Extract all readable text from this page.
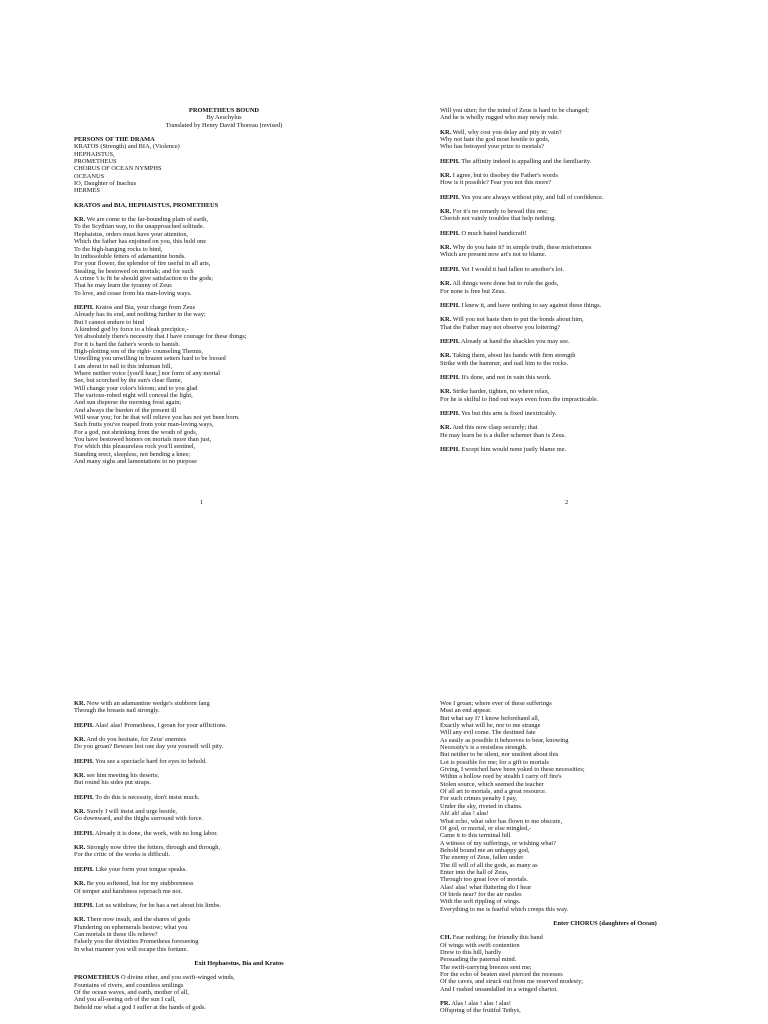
PROMETHEUS BOUND
By Aeschylus
Translated by Henry David Thoreau (revised)
PERSONS OF THE DRAMA
KRATOS (Strength) and BIA, (Violence)
HEPHAISTUS,
PROMETHEUS
CHORUS OF OCEAN NYMPHS
OCEANUS
IO, Daughter of Inachus
HERMES
KRATOS and BIA, HEPHAISTUS, PROMETHEUS
KR. We are come to the far-bounding plain of earth,
To the Scythian way, to the unapproached solitude.
Hephaistus, orders must have your attention,
Which the father has enjoined on you, this bold one
To the high-hanging rocks to bind,
In indissoluble fetters of adamantine bonds.
For your flower, the splendor of fire useful in all arts,
Stealing, he bestowed on mortals; and for such
A crime 't is fit he should give satisfaction to the gods;
That he may learn the tyranny of Zeus
To love, and cease from his man-loving ways.
HEPH. Kratos and Bia, your charge from Zeus
Already has its end, and nothing further in the way;
But I cannot endure to bind
A kindred god by force to a bleak precipice,-
Yet absolutely there's necessity that I have courage for these things;
For it is hard the father's words to banish.
High-plotting son of the right- counseling Themis,
Unwilling you unwilling in brazen setters hard to be loosed
I am about to nail to this inhuman hill,
Where neither voice [you'll hear,] nor form of any mortal
See, but scorched by the sun's clear flame,
Will change your color's bloom; and to you glad
The various-robed night will conceal the light,
And sun disperse the morning frost again;
And always the burden of the present ill
Will wear you; for he that will relieve you has not yet been born.
Such fruits you've reaped from your man-loving ways,
For a god, not shrinking from the wrath of gods,
You have bestowed honors on mortals more than just,
For which this pleasureless rock you'll sentinel,
Standing erect, sleepless, not bending a knee;
And many sighs and lamentations to no purpose
1
Will you utter; for the mind of Zeus is hard to be changed;
And he is wholly rugged who may newly rule.
KR. Well, why cost you delay and pity in vain?
Why not hate the god most hostile to gods,
Who has betrayed your prize to mortals?
HEPH. The affinity indeed is appalling and the familiarity.
KR. I agree, but to disobey the Father's words
How is it possible? Fear you not this more?
HEPH. Yes you are always without pity, and full of confidence.
KR. For it's no remedy to bewail this one;
Cherish not vainly troubles that help nothing.
HEPH. O much hated handicraft!
KR. Why do you hate it? in simple truth, these misfortunes
Which are present now art's not to blame.
HEPH. Yet I would it had fallen to another's lot.
KR. All things were done but to rule the gods,
For none is free but Zeus.
HEPH. I knew it, and have nothing to say against these things.
KR. Will you not haste then to put the bonds about him,
That the Father may not observe you loitering?
HEPH. Already at hand the shackles you may see.
KR. Taking them, about his hands with firm strength
Strike with the hammer, and nail him to the rocks.
HEPH. It's done, and not in vain this work.
KR. Strike harder, tighten, no where relax,
For he is skilful to find out ways even from the impracticable.
HEPH. Yes but this arm is fixed inextricably.
KR. And this now clasp securely; that
He may learn he is a duller schemer than is Zeus.
HEPH. Except him would none justly blame me.
2
KR. Now with an adamantine wedge's stubborn fang
Through the breasts nail strongly.
HEPH. Alas! alas! Prometheus, I groan for your afflictions.
KR. And do you hesitate, for Zeus' enemies
Do you groan? Beware lest one day you yourself will pity.
HEPH. You see a spectacle hard for eyes to behold.
KR. see him meeting his deserts;
But round his sides put straps.
HEPH. To do this is necessity, don't insist much.
KR. Surely I will insist and urge beside,
Go downward, and the thighs surround with force.
HEPH. Already it is done, the work, with no long labor.
KR. Strongly now drive the fetters, through and through,
For the critic of the works is difficult.
HEPH. Like your form your tongue speaks.
KR. Be you softened, but for my stubbornness
Of temper and harshness reproach me not.
HEPH. Let us withdraw, for he has a net about his limbs.
KR. There now insult, and the shares of gods
Plundering on ephemerals bestow; what you
Can mortals in these ills relieve?
Falsely you the divinities Prometheus foreseeing
In what manner you will escape this fortune.
Exit Hephaestus, Bia and Kratos
PROMETHEUS O divine ether, and you swift-winged winds,
Fountains of rivers, and countless smilings
Of the ocean waves, and earth, mother of all,
And you all-seeing orb of the sun I call,
Behold me what a god I suffer at the hands of gods.
Woe I groan; where ever of these sufferings
Must an end appear.
But what say I? I know beforehand all,
Exactly what will be, nor to me strange
Will any evil come. The destined fate
As easily as possible it behooves to bear, knowing
Necessity's is a resistless strength.
But neither to be silent, nor unsilent about this
Lot is possible for me; for a gift to mortals
Giving, I wretched have been yoked to these necessities;
Within a hollow reed by stealth I carry off fire's
Stolen source, which seemed the teacher
Of all art to mortals, and a great resource.
For such crimes penalty I pay,
Under the sky, riveted in chains.
Ah! ah! alas ! alas!
What echo, what odor has flown to me obscure,
Of god, or mortal, or else mingled,-
Came it to this terminal hill
A witness of my sufferings, or wishing what?
Behold bound me an unhappy god,
The enemy of Zeus, fallen under
The ill will of all the gods, as many as
Enter into the hall of Zeus,
Through too great love of mortals.
Alas! alas! what fluttering do I hear
Of birds near? for the air rustles
With the soft rippling of wings.
Everything to me is fearful which creeps this way.
Enter CHORUS (daughters of Ocean)
CH. Fear nothing; for friendly this band
Of wings with swift contention
Drew to this hill, hardly
Persuading the paternal mind.
The swift-carrying breezes sent me;
For the echo of beaten steel pierced the recesses
Of the caves, and struck out from me reserved modesty;
And I rushed unsandalled in a winged chariot.
PR. Alas ! alas ! alas ! alas!
Offspring of the fruitful Tethys,
